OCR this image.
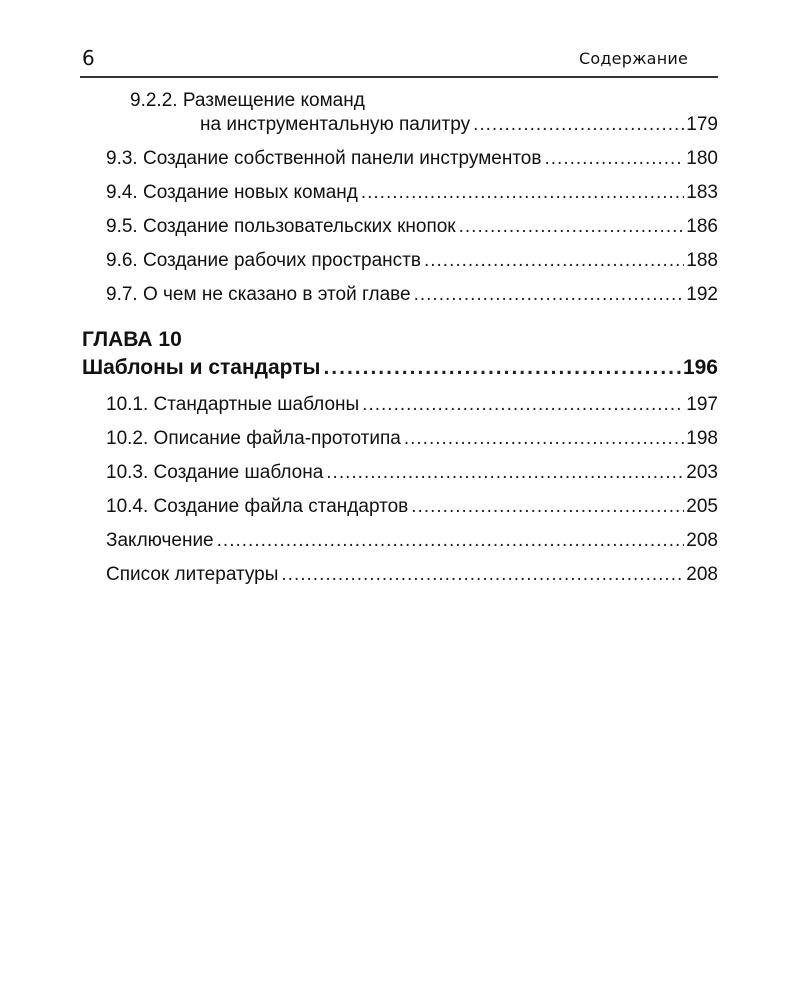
6	Содержание
9.2.2. Размещение команд
на инструментальную палитру .....	179
9.3. Создание собственной панели инструментов .....	180
9.4. Создание новых команд .....	183
9.5. Создание пользовательских кнопок .....	186
9.6. Создание рабочих пространств .....	188
9.7. О чем не сказано в этой главе .....	192
ГЛАВА 10
Шаблоны и стандарты .....	196
10.1. Стандартные шаблоны .....	197
10.2. Описание файла-прототипа .....	198
10.3. Создание шаблона .....	203
10.4. Создание файла стандартов .....	205
Заключение .....	208
Список литературы .....	208
